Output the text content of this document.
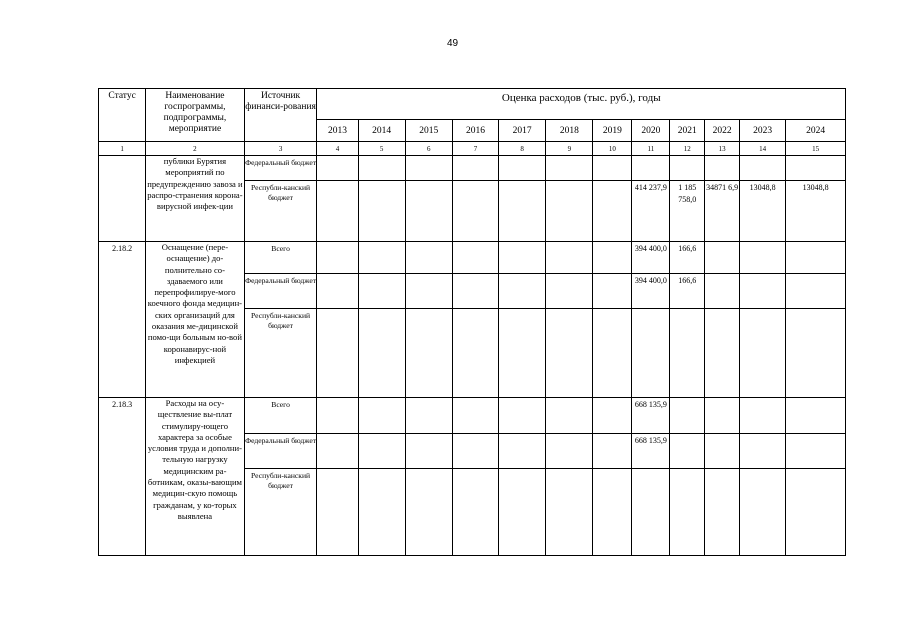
49
Статус	Наименование госпрограммы, подпрограммы, мероприятие	Источник финанси-рования	Оценка расходов (тыс. руб.), годы											
			2013	2014	2015	2016	2017	2018	2019	2020	2021	2022	2023	2024
1	2	3	4	5	6	7	8	9	10	11	12	13	14	15
	публики Бурятия мероприятий по предупреждению завоза и распро-странения корона-вирусной инфек-ции	Федеральный бюджет												
		Республи-канский бюджет								414 237,9	1 185 758,0	34871 6,9	13048,8	13048,8
2.18.2	Оснащение (пере-оснащение) до-полнительно со-здаваемого или перепрофилируе-мого коечного фонда медицин-ских организаций для оказания ме-дицинской помо-щи больным но-вой коронавирус-ной инфекцией	Всего								394 400,0	166,6			
		Федеральный бюджет								394 400,0	166,6			
		Республи-канский бюджет												
2.18.3	Расходы на осу-ществление вы-плат стимулиру-ющего характера за особые условия труда и дополни-тельную нагрузку медицинским ра-ботникам, оказы-вающим медицин-скую помощь гражданам, у ко-торых выявлена	Всего								668 135,9				
		Федеральный бюджет								668 135,9				
		Республи-канский бюджет												
